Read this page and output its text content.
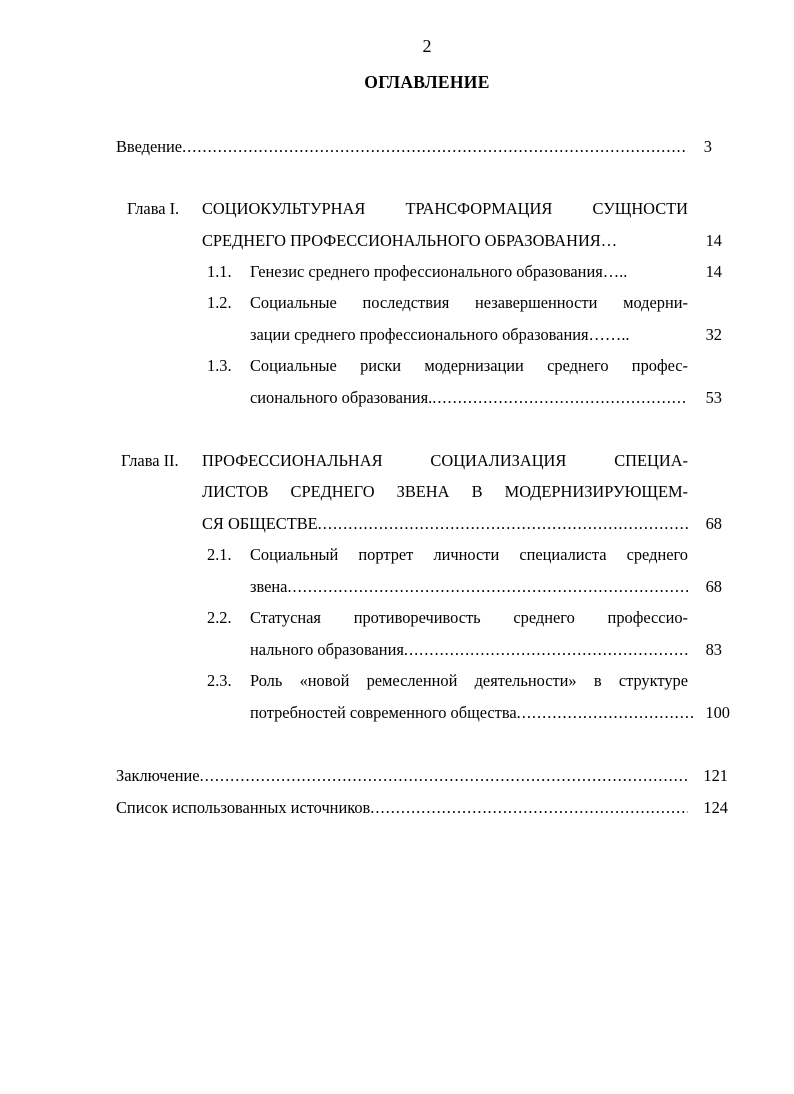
2
ОГЛАВЛЕНИЕ
Введение .....	3
Глава I. СОЦИОКУЛЬТУРНАЯ ТРАНСФОРМАЦИЯ СУЩНОСТИ
СРЕДНЕГО ПРОФЕССИОНАЛЬНОГО ОБРАЗОВАНИЯ…	14
1.1. Генезис среднего профессионального образования…..	14
1.2. Социальные последствия незавершенности модерни-
зации среднего профессионального образования……..	32
1.3. Социальные риски модернизации среднего профес-
сионального образования. .....	53
Глава II. ПРОФЕССИОНАЛЬНАЯ СОЦИАЛИЗАЦИЯ СПЕЦИА-
ЛИСТОВ СРЕДНЕГО ЗВЕНА В МОДЕРНИЗИРУЮЩЕМ-
СЯ ОБЩЕСТВЕ .....	68
2.1. Социальный портрет личности специалиста среднего
звена .....	68
2.2. Статусная противоречивость среднего профессио-
нального образования .....	83
2.3. Роль «новой ремесленной деятельности» в структуре
потребностей современного общества .....	100
Заключение .....	121
Список использованных источников .....	124
